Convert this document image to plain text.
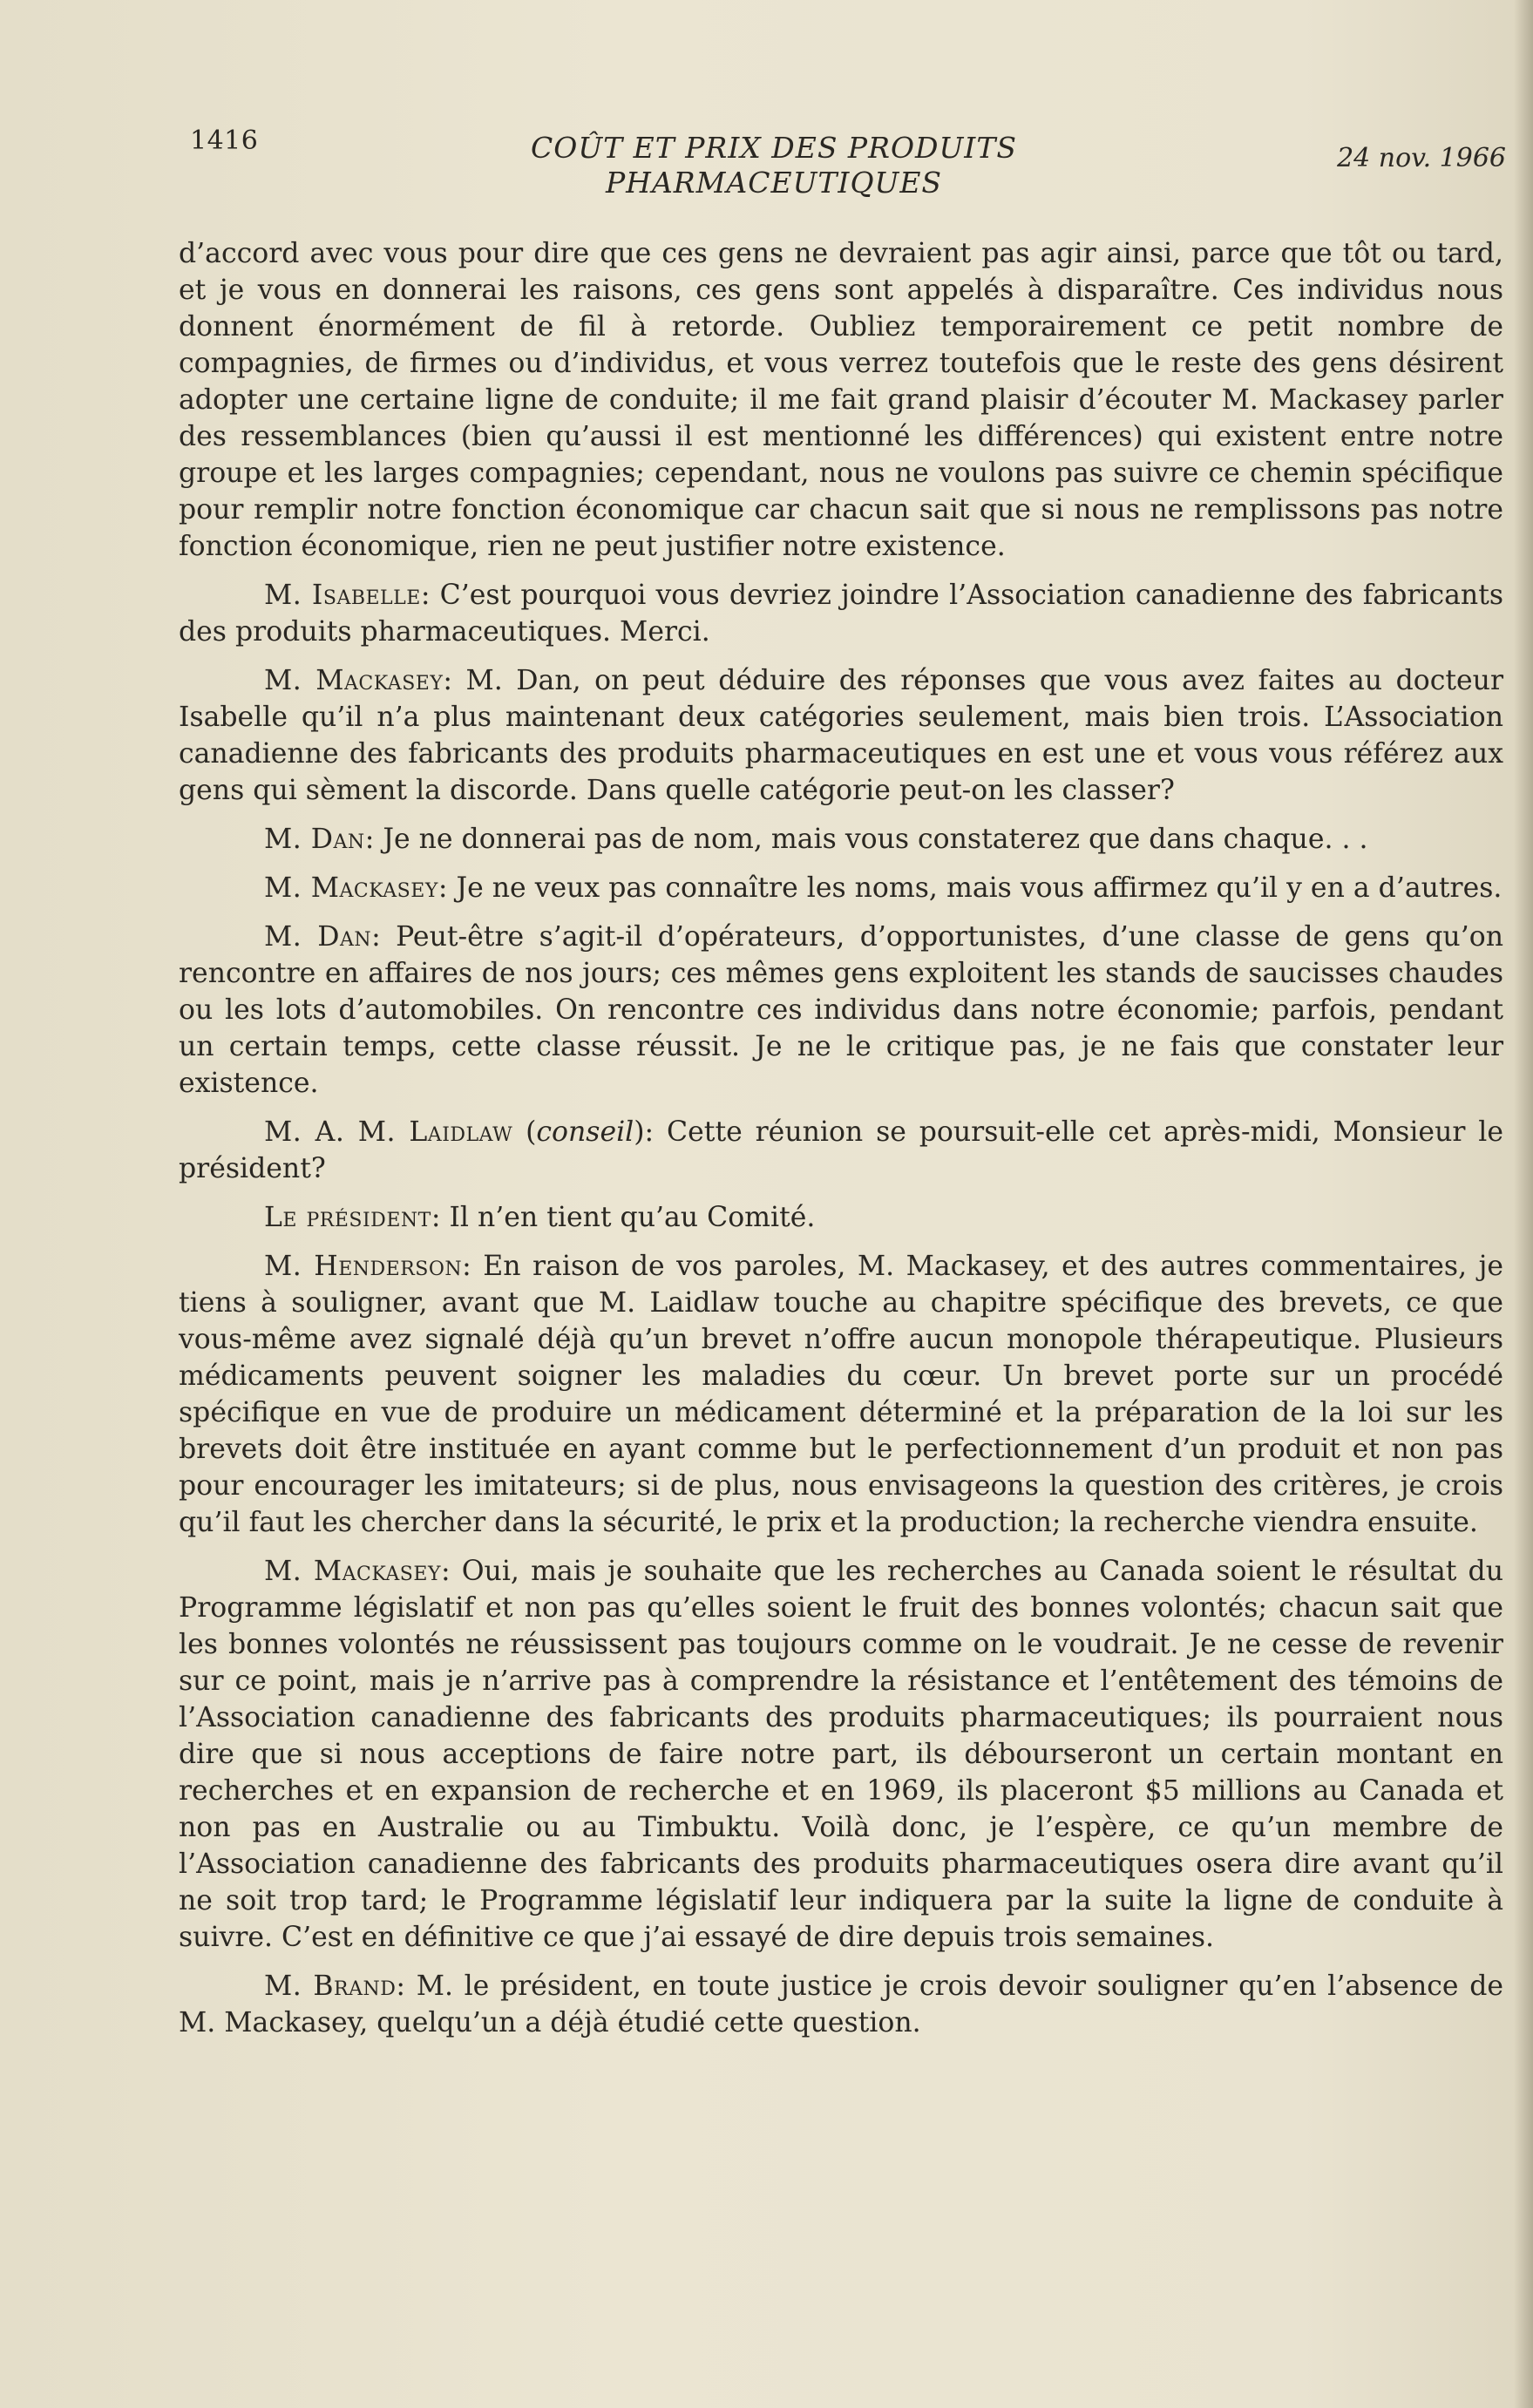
1416	COÛT ET PRIX DES PRODUITS
PHARMACEUTIQUES
24 nov. 1966

d’accord avec vous pour dire que ces gens ne devraient pas agir ainsi, parce que tôt ou tard, et je vous en donnerai les raisons, ces gens sont appelés à disparaître. Ces individus nous donnent énormément de fil à retorde. Oubliez temporairement ce petit nombre de compagnies, de firmes ou d’individus, et vous verrez toutefois que le reste des gens désirent adopter une certaine ligne de conduite; il me fait grand plaisir d’écouter M. Mackasey parler des ressemblances (bien qu’aussi il est mentionné les différences) qui existent entre notre groupe et les larges compagnies; cependant, nous ne voulons pas suivre ce chemin spécifique pour remplir notre fonction économique car chacun sait que si nous ne remplissons pas notre fonction économique, rien ne peut justifier notre existence.

M. Isabelle: C’est pourquoi vous devriez joindre l’Association canadienne des fabricants des produits pharmaceutiques. Merci.

M. Mackasey: M. Dan, on peut déduire des réponses que vous avez faites au docteur Isabelle qu’il n’a plus maintenant deux catégories seulement, mais bien trois. L’Association canadienne des fabricants des produits pharmaceutiques en est une et vous vous référez aux gens qui sèment la discorde. Dans quelle catégorie peut-on les classer?

M. Dan: Je ne donnerai pas de nom, mais vous constaterez que dans chaque. . .

M. Mackasey: Je ne veux pas connaître les noms, mais vous affirmez qu’il y en a d’autres.

M. Dan: Peut-être s’agit-il d’opérateurs, d’opportunistes, d’une classe de gens qu’on rencontre en affaires de nos jours; ces mêmes gens exploitent les stands de saucisses chaudes ou les lots d’automobiles. On rencontre ces individus dans notre économie; parfois, pendant un certain temps, cette classe réussit. Je ne le critique pas, je ne fais que constater leur existence.

M. A. M. Laidlaw (conseil): Cette réunion se poursuit-elle cet après-midi, Monsieur le président?

Le président: Il n’en tient qu’au Comité.

M. Henderson: En raison de vos paroles, M. Mackasey, et des autres commentaires, je tiens à souligner, avant que M. Laidlaw touche au chapitre spécifique des brevets, ce que vous-même avez signalé déjà qu’un brevet n’offre aucun monopole thérapeutique. Plusieurs médicaments peuvent soigner les maladies du cœur. Un brevet porte sur un procédé spécifique en vue de produire un médicament déterminé et la préparation de la loi sur les brevets doit être instituée en ayant comme but le perfectionnement d’un produit et non pas pour encourager les imitateurs; si de plus, nous envisageons la question des critères, je crois qu’il faut les chercher dans la sécurité, le prix et la production; la recherche viendra ensuite.

M. Mackasey: Oui, mais je souhaite que les recherches au Canada soient le résultat du Programme législatif et non pas qu’elles soient le fruit des bonnes volontés; chacun sait que les bonnes volontés ne réussissent pas toujours comme on le voudrait. Je ne cesse de revenir sur ce point, mais je n’arrive pas à comprendre la résistance et l’entêtement des témoins de l’Association canadienne des fabricants des produits pharmaceutiques; ils pourraient nous dire que si nous acceptions de faire notre part, ils débourseront un certain montant en recherches et en expansion de recherche et en 1969, ils placeront $5 millions au Canada et non pas en Australie ou au Timbuktu. Voilà donc, je l’espère, ce qu’un membre de l’Association canadienne des fabricants des produits pharmaceutiques osera dire avant qu’il ne soit trop tard; le Programme législatif leur indiquera par la suite la ligne de conduite à suivre. C’est en définitive ce que j’ai essayé de dire depuis trois semaines.

M. Brand: M. le président, en toute justice je crois devoir souligner qu’en l’absence de M. Mackasey, quelqu’un a déjà étudié cette question.
